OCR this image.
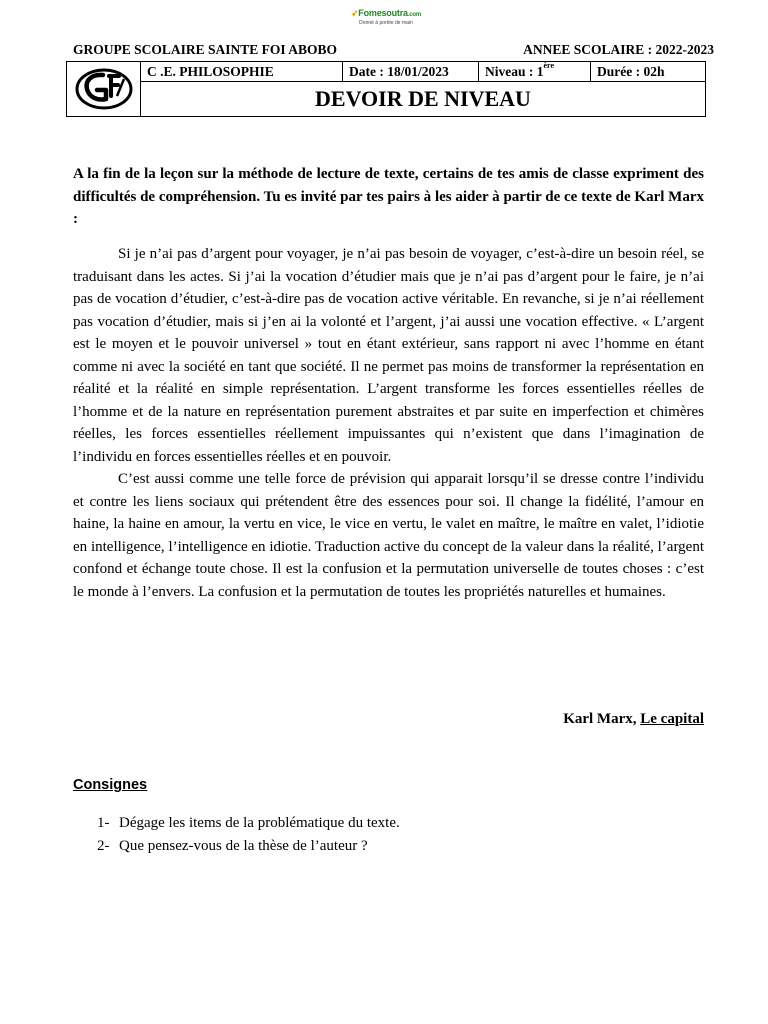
➶Fomesoutra.com
Donné à portée de main
GROUPE SCOLAIRE SAINTE FOI ABOBO	ANNEE SCOLAIRE : 2022-2023
C .E. PHILOSOPHIE	Date : 18/01/2023	Niveau : 1ère	Durée : 02h
DEVOIR DE NIVEAU
A la fin de la leçon sur la méthode de lecture de texte, certains de tes amis de classe expriment des difficultés de compréhension. Tu es invité par tes pairs à les aider à partir de ce texte de Karl Marx :

Si je n’ai pas d’argent pour voyager, je n’ai pas besoin de voyager, c’est-à-dire un besoin réel, se traduisant dans les actes. Si j’ai la vocation d’étudier mais que je n’ai pas d’argent pour le faire, je n’ai pas de vocation d’étudier, c’est-à-dire pas de vocation active véritable. En revanche, si je n’ai réellement pas vocation d’étudier, mais si j’en ai la volonté et l’argent, j’ai aussi une vocation effective. « L’argent est le moyen et le pouvoir universel » tout en étant extérieur, sans rapport ni avec l’homme en étant comme ni avec la société en tant que société. Il ne permet pas moins de transformer la représentation en réalité et la réalité en simple représentation. L’argent transforme les forces essentielles réelles de l’homme et de la nature en représentation purement abstraites et par suite en imperfection et chimères réelles, les forces essentielles réellement impuissantes qui n’existent que dans l’imagination de l’individu en forces essentielles réelles et en pouvoir.

C’est aussi comme une telle force de prévision qui apparait lorsqu’il se dresse contre l’individu et contre les liens sociaux qui prétendent être des essences pour soi. Il change la fidélité, l’amour en haine, la haine en amour, la vertu en vice, le vice en vertu, le valet en maître, le maître en valet, l’idiotie en intelligence, l’intelligence en idiotie. Traduction active du concept de la valeur dans la réalité, l’argent confond et échange toute chose. Il est la confusion et la permutation universelle de toutes choses : c’est le monde à l’envers. La confusion et la permutation de toutes les propriétés naturelles et humaines.

Karl Marx, Le capital
Consignes
1- Dégage les items de la problématique du texte.
2- Que pensez-vous de la thèse de l’auteur ?
